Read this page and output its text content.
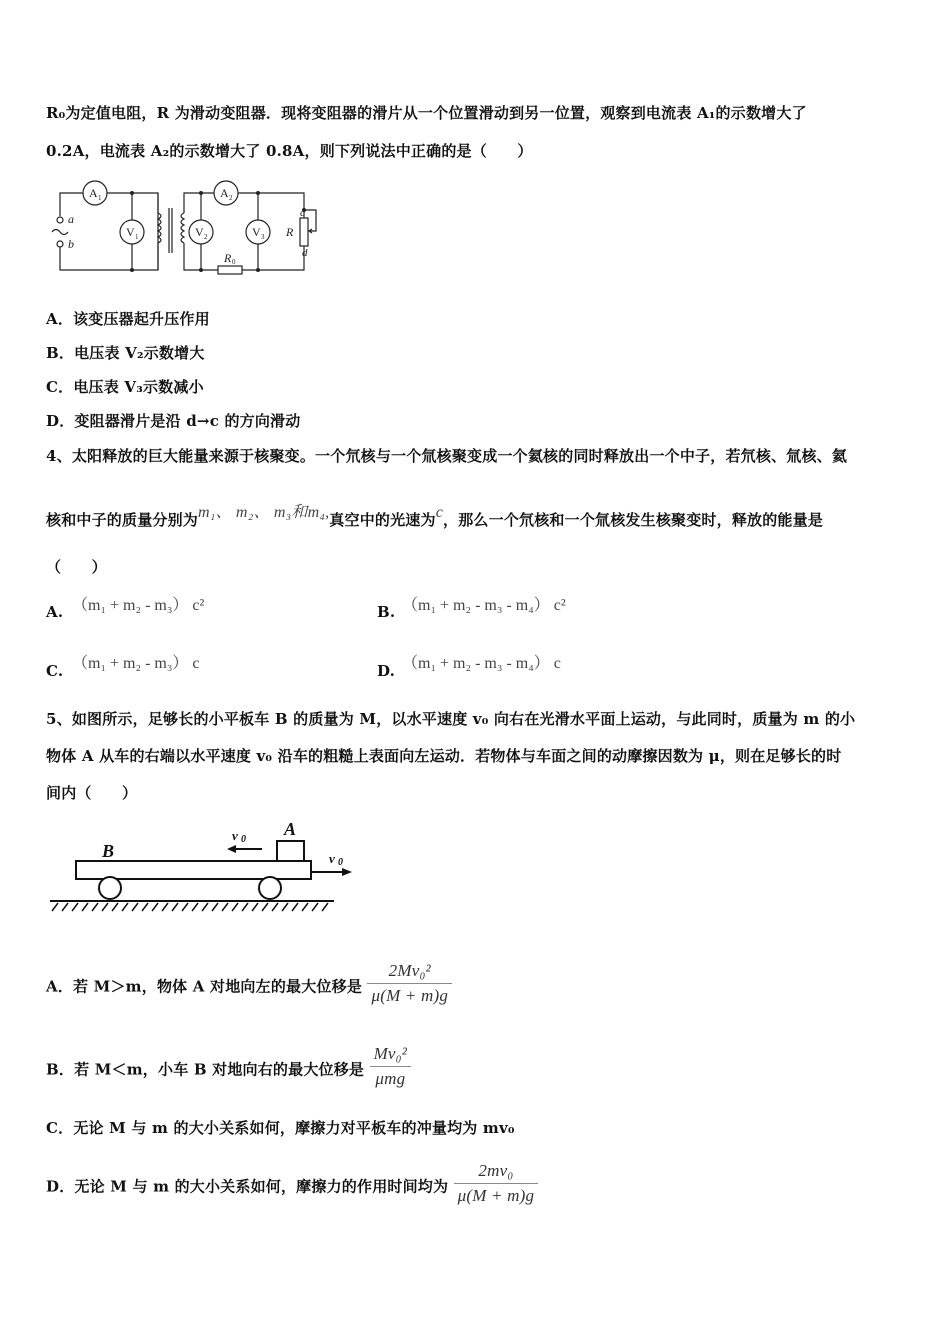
R₀为定值电阻，R 为滑动变阻器．现将变阻器的滑片从一个位置滑动到另一位置，观察到电流表 A₁的示数增大了
0.2A，电流表 A₂的示数增大了 0.8A，则下列说法中正确的是（　　）
A 1
V 1
A 2
V 2	V 3
a
b
c
d
R
R 0
A．该变压器起升压作用
B．电压表 V₂示数增大
C．电压表 V₃示数减小
D．变阻器滑片是沿 d→c 的方向滑动
4、太阳释放的巨大能量来源于核聚变。一个氘核与一个氚核聚变成一个氦核的同时释放出一个中子，若氘核、氚核、氦
核和中子的质量分别为m₁、 m₂、 m₃和m₄,真空中的光速为c，那么一个氘核和一个氚核发生核聚变时，释放的能量是
（　　）
A. （m₁ + m₂ - m₃） c²	B. （m₁ + m₂ - m₃ - m₄） c²
C. （m₁ + m₂ - m₃） c	D. （m₁ + m₂ - m₃ - m₄） c
5、如图所示，足够长的小平板车 B 的质量为 M，以水平速度 v₀ 向右在光滑水平面上运动，与此同时，质量为 m 的小
物体 A 从车的右端以水平速度 v₀ 沿车的粗糙上表面向左运动．若物体与车面之间的动摩擦因数为 μ，则在足够长的时
间内（　　）
B
A
v 0
v 0
A．若 M＞m，物体 A 对地向左的最大位移是 $\frac{\text{2Mv₀²}}{\mu(M + m)g}$
B．若 M＜m，小车 B 对地向右的最大位移是 $\frac{\text{Mv₀²}}{\text{μmg}}$
C．无论 M 与 m 的大小关系如何，摩擦力对平板车的冲量均为 mv₀
D．无论 M 与 m 的大小关系如何，摩擦力的作用时间均为 $\frac{\text{2mv₀}}{\mu(M + m)g}$
